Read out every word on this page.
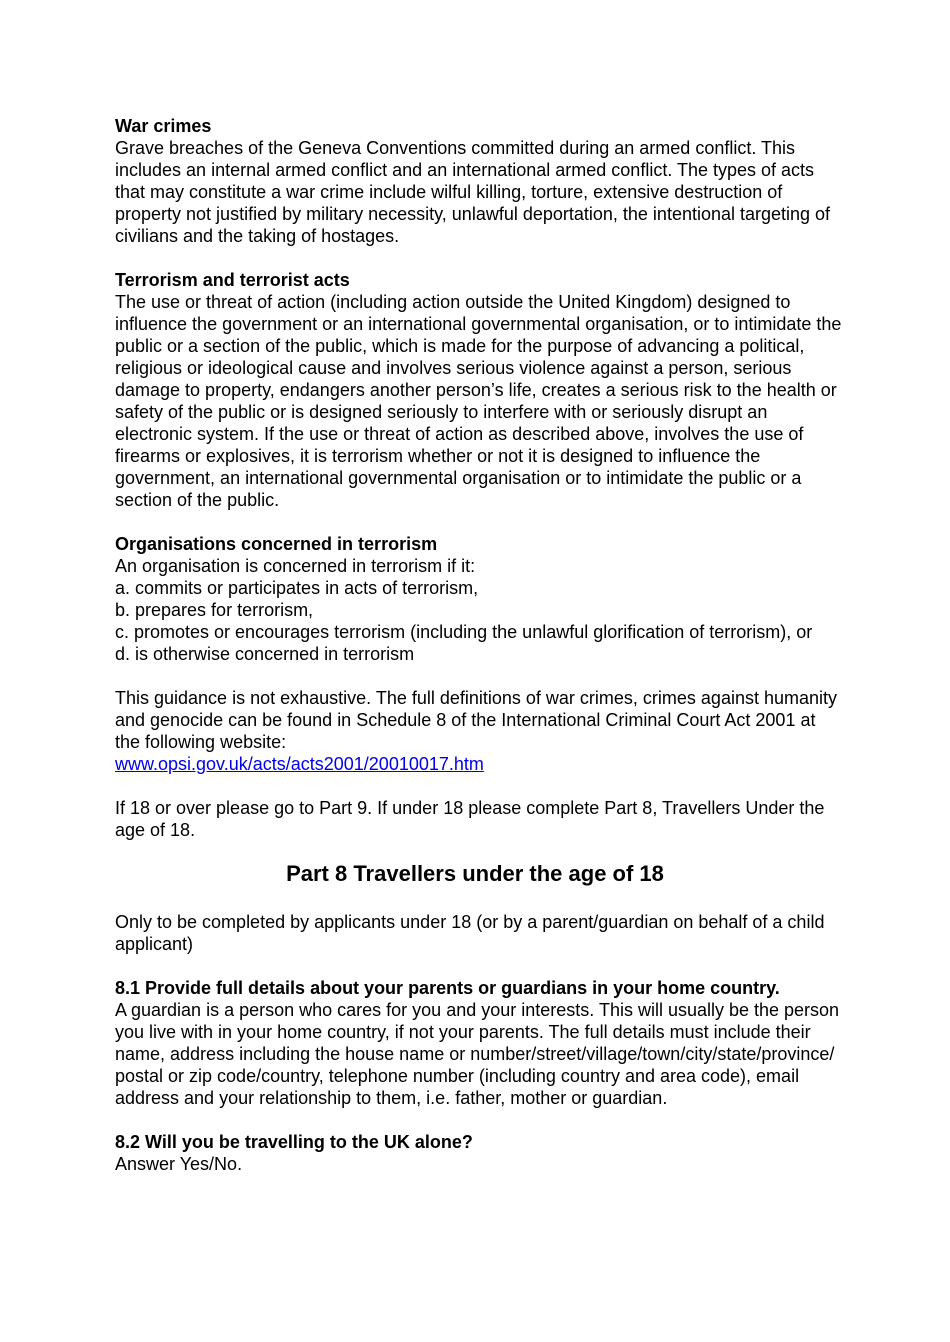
War crimes

Grave breaches of the Geneva Conventions committed during an armed conflict. This includes an internal armed conflict and an international armed conflict. The types of acts that may constitute a war crime include wilful killing, torture, extensive destruction of property not justified by military necessity, unlawful deportation, the intentional targeting of civilians and the taking of hostages.

Terrorism and terrorist acts

The use or threat of action (including action outside the United Kingdom) designed to influence the government or an international governmental organisation, or to intimidate the public or a section of the public, which is made for the purpose of advancing a political, religious or ideological cause and involves serious violence against a person, serious damage to property, endangers another person’s life, creates a serious risk to the health or safety of the public or is designed seriously to interfere with or seriously disrupt an electronic system. If the use or threat of action as described above, involves the use of firearms or explosives, it is terrorism whether or not it is designed to influence the government, an international governmental organisation or to intimidate the public or a section of the public.

Organisations concerned in terrorism

An organisation is concerned in terrorism if it:

a. commits or participates in acts of terrorism,

b. prepares for terrorism,

c. promotes or encourages terrorism (including the unlawful glorification of terrorism), or

d. is otherwise concerned in terrorism

This guidance is not exhaustive. The full definitions of war crimes, crimes against humanity and genocide can be found in Schedule 8 of the International Criminal Court Act 2001 at the following website:

www.opsi.gov.uk/acts/acts2001/20010017.htm

If 18 or over please go to Part 9. If under 18 please complete Part 8, Travellers Under the age of 18.

Part 8 Travellers under the age of 18

Only to be completed by applicants under 18 (or by a parent/guardian on behalf of a child applicant)

8.1 Provide full details about your parents or guardians in your home country.

A guardian is a person who cares for you and your interests. This will usually be the person you live with in your home country, if not your parents. The full details must include their name, address including the house name or number/street/village/town/city/state/province/ postal or zip code/country, telephone number (including country and area code), email address and your relationship to them, i.e. father, mother or guardian.

8.2 Will you be travelling to the UK alone?

Answer Yes/No.
